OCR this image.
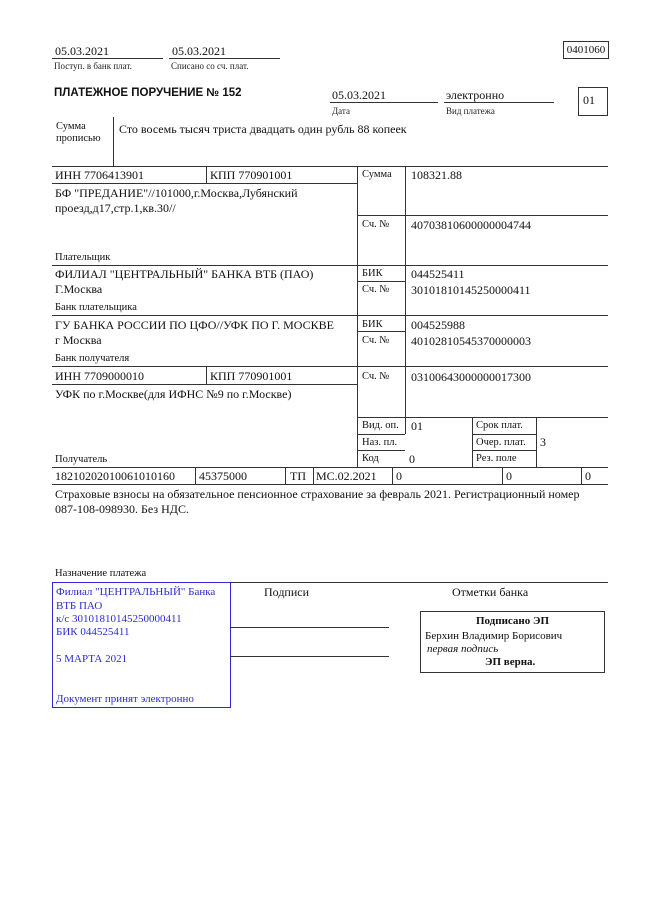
05.03.2021
Поступ. в банк плат.
05.03.2021
Списано со сч. плат.
0401060
ПЛАТЕЖНОЕ ПОРУЧЕНИЕ № 152	05.03.2021
Дата
электронно
Вид платежа
01
Сумма
прописью
Сто восемь тысяч триста двадцать один рубль 88 копеек
ИНН 7706413901	КПП 770901001
БФ "ПРЕДАНИЕ"//101000,г.Москва,Лубянский
проезд,д17,стр.1,кв.30//
Плательщик
Сумма 108321.88
Сч. № 40703810600000004744
ФИЛИАЛ "ЦЕНТРАЛЬНЫЙ" БАНКА ВТБ (ПАО)
Г.Москва
Банк плательщика
БИК 044525411
Сч. № 30101810145250000411
ГУ БАНКА РОССИИ ПО ЦФО//УФК ПО Г. МОСКВЕ
г Москва
Банк получателя
БИК 004525988
Сч. № 40102810545370000003
ИНН 7709000010	КПП 770901001
УФК по г.Москве(для ИФНС №9 по г.Москве)
Получатель
Сч. № 03100643000000017300
Вид. оп. 01
Наз. пл.
Код	0
Срок плат.
Очер. плат. 3
Рез. поле
18210202010061010160 45375000	ТП МС.02.2021 0	0	0
Страховые взносы на обязательное пенсионное страхование за февраль 2021. Регистрационный номер
087-108-098930. Без НДС.
Назначение платежа
Филиал "ЦЕНТРАЛЬНЫЙ" Банка
ВТБ ПАО
к/с 30101810145250000411
БИК 044525411
5 МАРТА 2021
Документ принят электронно
Подписи	Отметки банка
Подписано ЭП
Берхин Владимир Борисович
первая подпись
ЭП верна.
